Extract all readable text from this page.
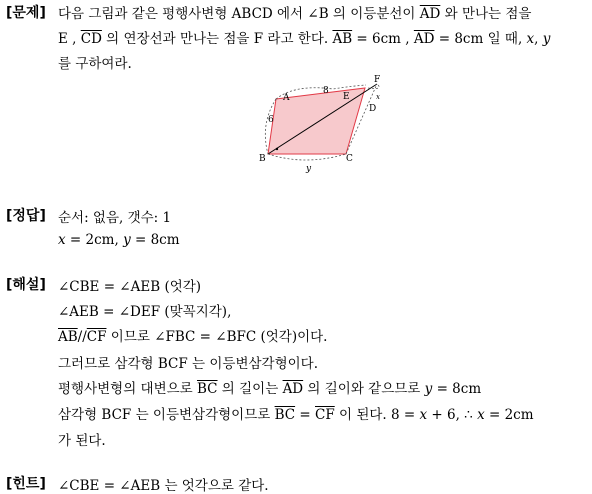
[문제] 다음 그림과 같은 평행사변형 ABCD 에서 ∠B 의 이등분선이 $\overline{AD}$ 와 만나는 점을
E , $\overline{CD}$ 의 연장선과 만나는 점을 F 라고 한다. $\overline{AB} = 6cm$ , $\overline{AD} = 8cm$ 일 때, x, y
를 구하여라.
A
B	C
D
E
F
6
8
y
x
[정답] 순서: 없음, 갯수: 1
x = 2cm, y = 8cm
[해설] ∠CBE = ∠AEB (엇각)
∠AEB = ∠DEF (맞꼭지각),
$\overline{AB}//\overline{CF}$ 이므로 ∠FBC = ∠BFC (엇각)이다.
그러므로 삼각형 BCF 는 이등변삼각형이다.
평행사변형의 대변으로 $\overline{BC}$ 의 길이는 $\overline{AD}$ 의 길이와 같으므로 y = 8cm
삼각형 BCF 는 이등변삼각형이므로 $\overline{BC} = \overline{CF}$ 이 된다. 8 = x + 6, ∴ x = 2cm
가 된다.
[힌트] ∠CBE = ∠AEB 는 엇각으로 같다.
